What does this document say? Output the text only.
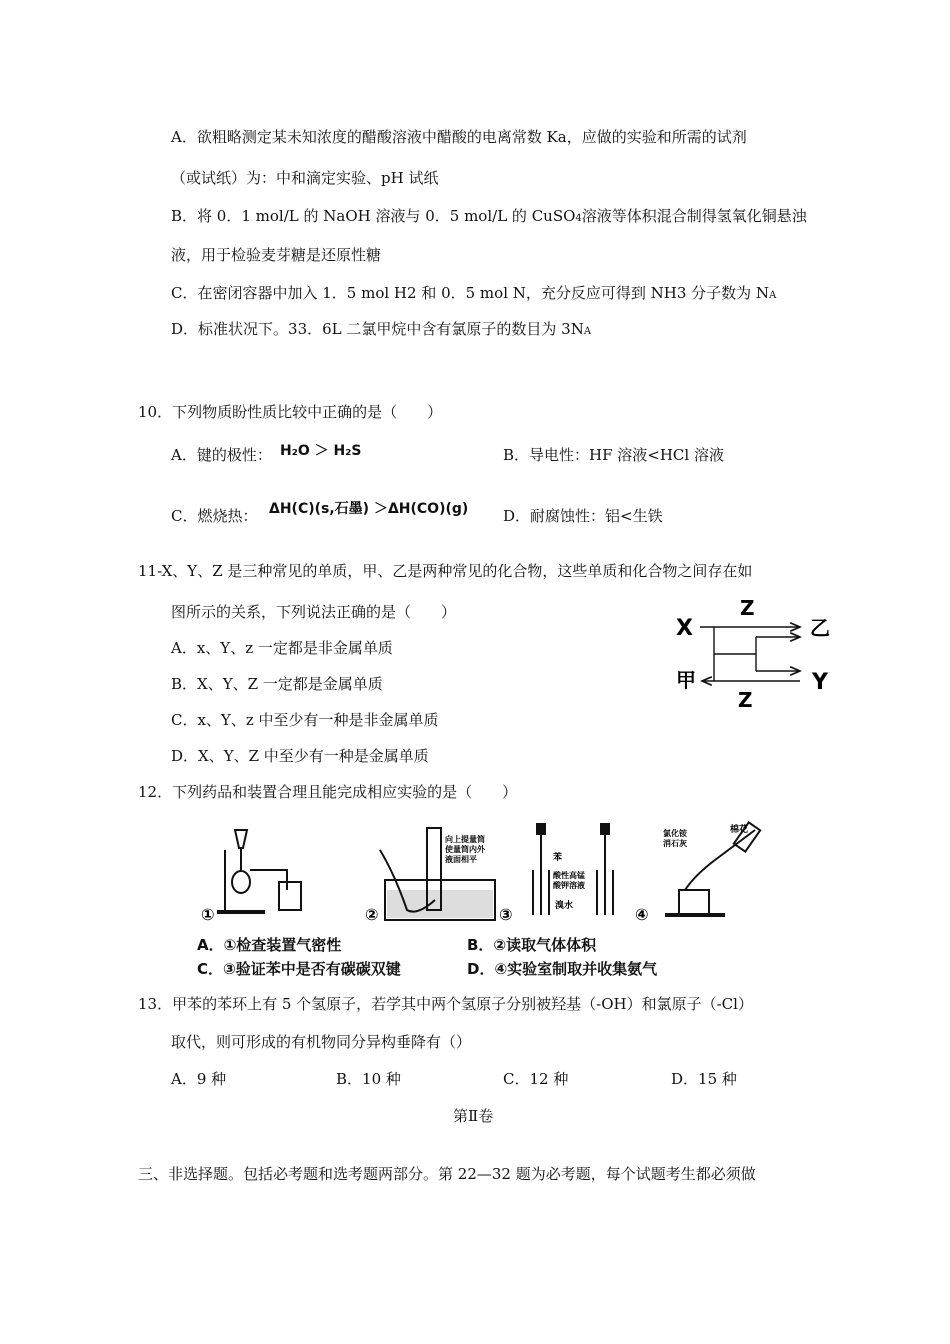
A．欲粗略测定某未知浓度的醋酸溶液中醋酸的电离常数 Ka，应做的实验和所需的试剂
（或试纸）为：中和滴定实验、pH 试纸
B．将 0．1 mol/L 的 NaOH 溶液与 0．5 mol/L 的 CuSO4溶液等体积混合制得氢氧化铜悬浊
液，用于检验麦芽糖是还原性糖
C．在密闭容器中加入 1．5 mol H2 和 0．5 mol N，充分反应可得到 NH3 分子数为 NA
D．标准状况下。33．6L 二氯甲烷中含有氯原子的数目为 3NA
10．下列物质盼性质比较中正确的是（　　）
A．键的极性： H₂O ＞ H₂S	B．导电性：HF 溶液<HCl 溶液
C．燃烧热： ΔH(C)(s,石墨) ＞ΔH(CO)(g) D．耐腐蚀性：铝<生铁
11-X、Y、Z 是三种常见的单质，甲、乙是两种常见的化合物，这些单质和化合物之间存在如
图所示的关系，下列说法正确的是（　　）
A．x、Y、z 一定都是非金属单质
B．X、Y、Z 一定都是金属单质
C．x、Y、z 中至少有一种是非金属单质
D．X、Y、Z 中至少有一种是金属单质
X
Z
乙
甲
Z
Y
12．下列药品和装置合理且能完成相应实验的是（　　）
①
向上提量筒使量筒内外液面相平
②
苯
酸性高锰酸钾溶液
溴水
③
氯化铵消石灰
棉花
④
A．①检查装置气密性	B．②读取气体体积
C．③验证苯中是否有碳碳双键	D．④实验室制取并收集氨气
13．甲苯的苯环上有 5 个氢原子，若学其中两个氢原子分别被羟基（-OH）和氯原子（-Cl）
取代，则可形成的有机物同分异构垂降有（）
A．9 种	B．10 种	C．12 种	D．15 种
第Ⅱ卷
三、非选择题。包括必考题和选考题两部分。第 22—32 题为必考题，每个试题考生都必须做
